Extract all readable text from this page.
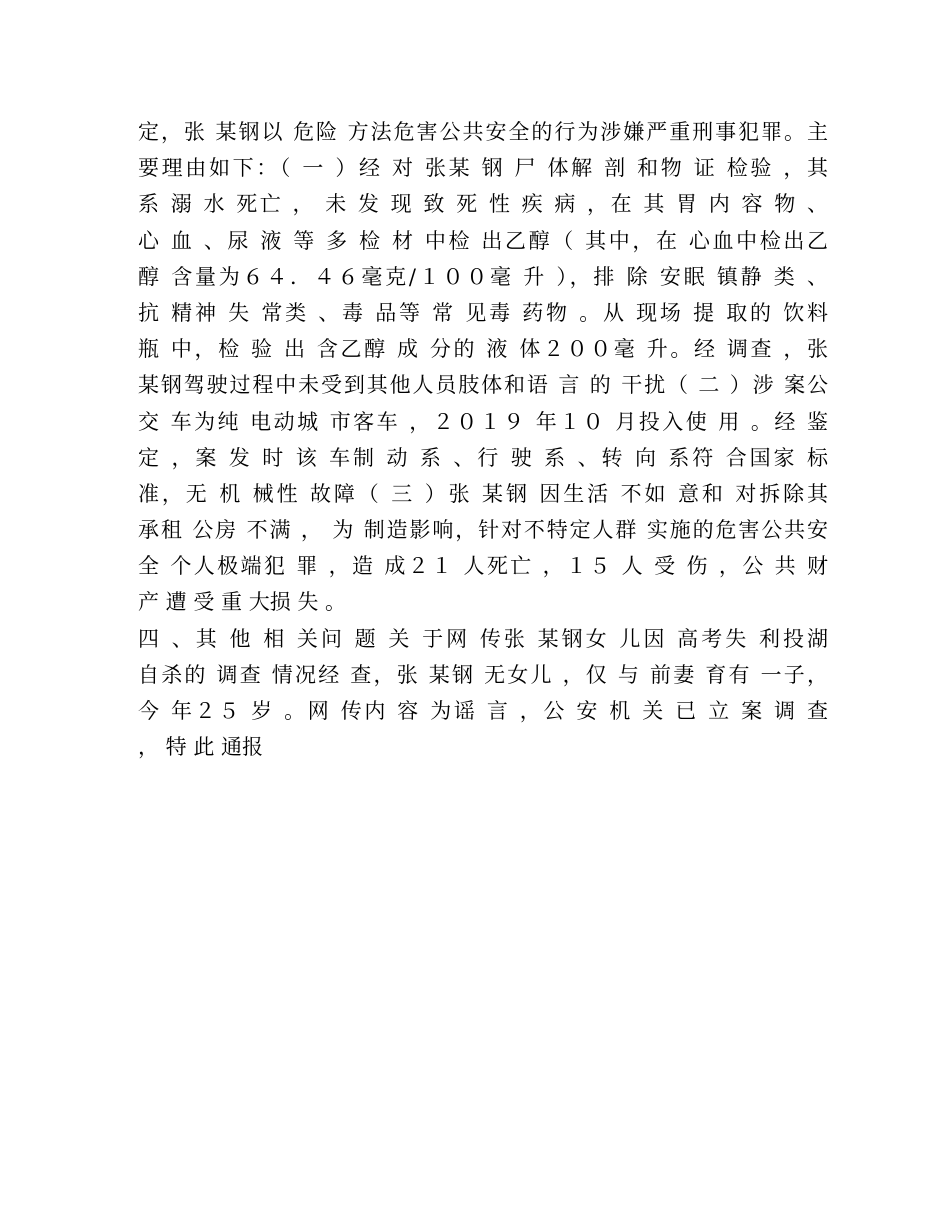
定，张 某钢以 危险 方法危害公共安全的行为涉嫌严重刑事犯罪。主
要理由如下：（ 一 ）经 对 张某 钢 尸 体解 剖 和物 证 检验 ，其
系 溺 水 死亡 ， 未 发 现 致 死 性 疾 病 ，在 其 胃 内 容 物 、
心 血 、尿 液 等 多 检 材 中检 出乙醇（ 其中，在 心血中检出乙
醇 含量为６４．４６毫克/１００毫 升 ），排 除 安眠 镇静 类 、
抗 精神 失 常类 、毒 品等 常 见毒 药物 。从 现场 提 取的 饮料
瓶 中，检 验 出 含乙醇 成 分的 液 体２００毫 升。经 调查 ，张
某钢驾驶过程中未受到其他人员肢体和语 言 的 干扰（ 二 ）涉 案公
交 车为纯 电动城 市客车 ，２０１９ 年１０ 月投入使 用 。经 鉴
定 ，案 发 时 该 车制 动 系 、行 驶 系 、转 向 系符 合国家 标
准，无 机 械性 故障（ 三 ）张 某钢 因生活 不如 意和 对拆除其
承租 公房 不满 ， 为 制造影响，针对不特定人群 实施的危害公共安
全 个人极端犯 罪 ，造 成２１ 人死亡 ，１５ 人 受 伤 ，公 共 财
产 遭 受 重 大损 失 。
四 、其 他 相 关问 题 关 于网 传张 某钢女 儿因 高考失 利投湖
自杀的 调查 情况经 查，张 某钢 无女儿 ，仅 与 前妻 育有 一子，
今 年２５ 岁 。网 传内 容 为谣 言 ，公 安 机 关 已 立 案 调 查
， 特 此 通报
